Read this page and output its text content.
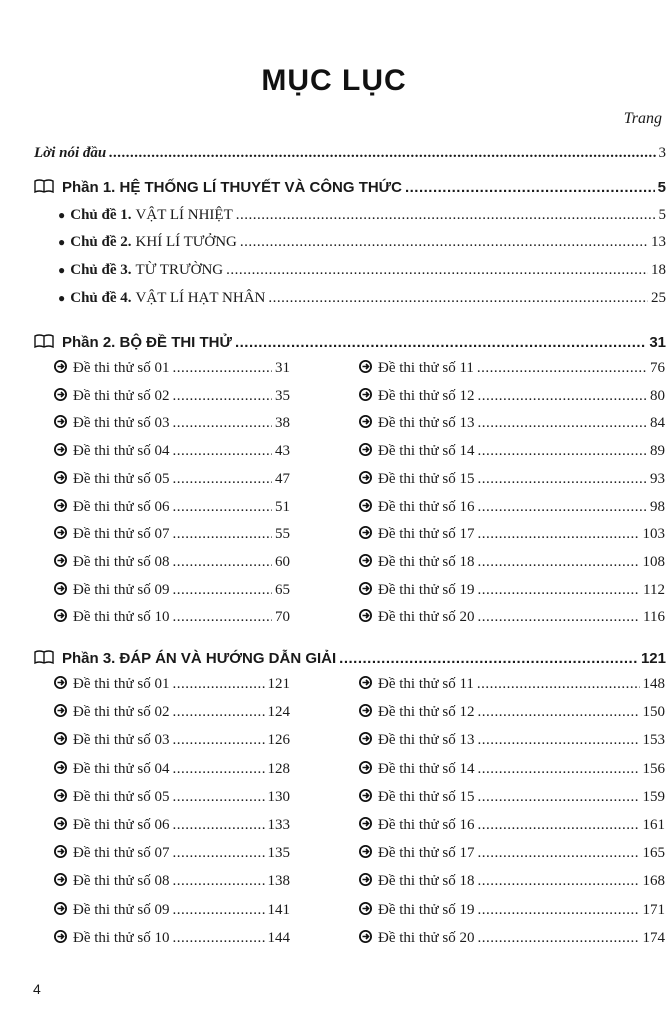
MỤC LỤC
Trang
Lời nói đầu .....	3
Phần 1. HỆ THỐNG LÍ THUYẾT VÀ CÔNG THỨC .....	5
● Chủ đề 1. VẬT LÍ NHIỆT .....	5
● Chủ đề 2. KHÍ LÍ TƯỞNG .....	13
● Chủ đề 3. TỪ TRƯỜNG .....	18
● Chủ đề 4. VẬT LÍ HẠT NHÂN .....	25
Phần 2. BỘ ĐỀ THI THỬ .....	31
Đề thi thử số 01 .....	31
Đề thi thử số 02 .....	35
Đề thi thử số 03 .....	38
Đề thi thử số 04 .....	43
Đề thi thử số 05 .....	47
Đề thi thử số 06 .....	51
Đề thi thử số 07 .....	55
Đề thi thử số 08 .....	60
Đề thi thử số 09 .....	65
Đề thi thử số 10 .....	70
Đề thi thử số 11 .....	76
Đề thi thử số 12 .....	80
Đề thi thử số 13 .....	84
Đề thi thử số 14 .....	89
Đề thi thử số 15 .....	93
Đề thi thử số 16 .....	98
Đề thi thử số 17 .....	103
Đề thi thử số 18 .....	108
Đề thi thử số 19 .....	112
Đề thi thử số 20 .....	116
Phần 3. ĐÁP ÁN VÀ HƯỚNG DẪN GIẢI .....	121
Đề thi thử số 01 .....	121
Đề thi thử số 02 .....	124
Đề thi thử số 03 .....	126
Đề thi thử số 04 .....	128
Đề thi thử số 05 .....	130
Đề thi thử số 06 .....	133
Đề thi thử số 07 .....	135
Đề thi thử số 08 .....	138
Đề thi thử số 09 .....	141
Đề thi thử số 10 .....	144
Đề thi thử số 11 .....	148
Đề thi thử số 12 .....	150
Đề thi thử số 13 .....	153
Đề thi thử số 14 .....	156
Đề thi thử số 15 .....	159
Đề thi thử số 16 .....	161
Đề thi thử số 17 .....	165
Đề thi thử số 18 .....	168
Đề thi thử số 19 .....	171
Đề thi thử số 20 .....	174
4
